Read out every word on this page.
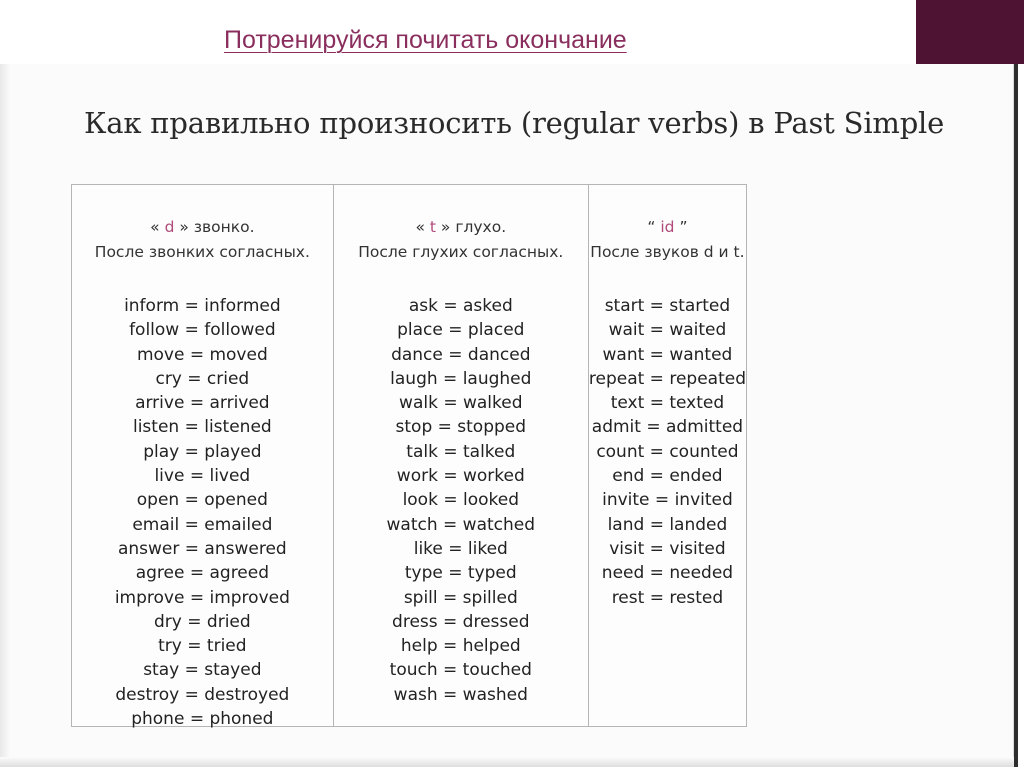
Потренируйся почитать окончание
Как правильно произносить (regular verbs) в Past Simple
« d » звонко.
После звонких согласных.
inform = informed
follow = followed
move = moved
cry = cried
arrive = arrived
listen = listened
play = played
live = lived
open = opened
email = emailed
answer = answered
agree = agreed
improve = improved
dry = dried
try = tried
stay = stayed
destroy = destroyed
phone = phoned
« t » глухо.
После глухих согласных.
ask = asked
place = placed
dance = danced
laugh = laughed
walk = walked
stop = stopped
talk = talked
work = worked
look = looked
watch = watched
like = liked
type = typed
spill = spilled
dress = dressed
help = helped
touch = touched
wash = washed
“ id ”
После звуков d и t.
start = started
wait = waited
want = wanted
repeat = repeated
text = texted
admit = admitted
count = counted
end = ended
invite = invited
land = landed
visit = visited
need = needed
rest = rested
